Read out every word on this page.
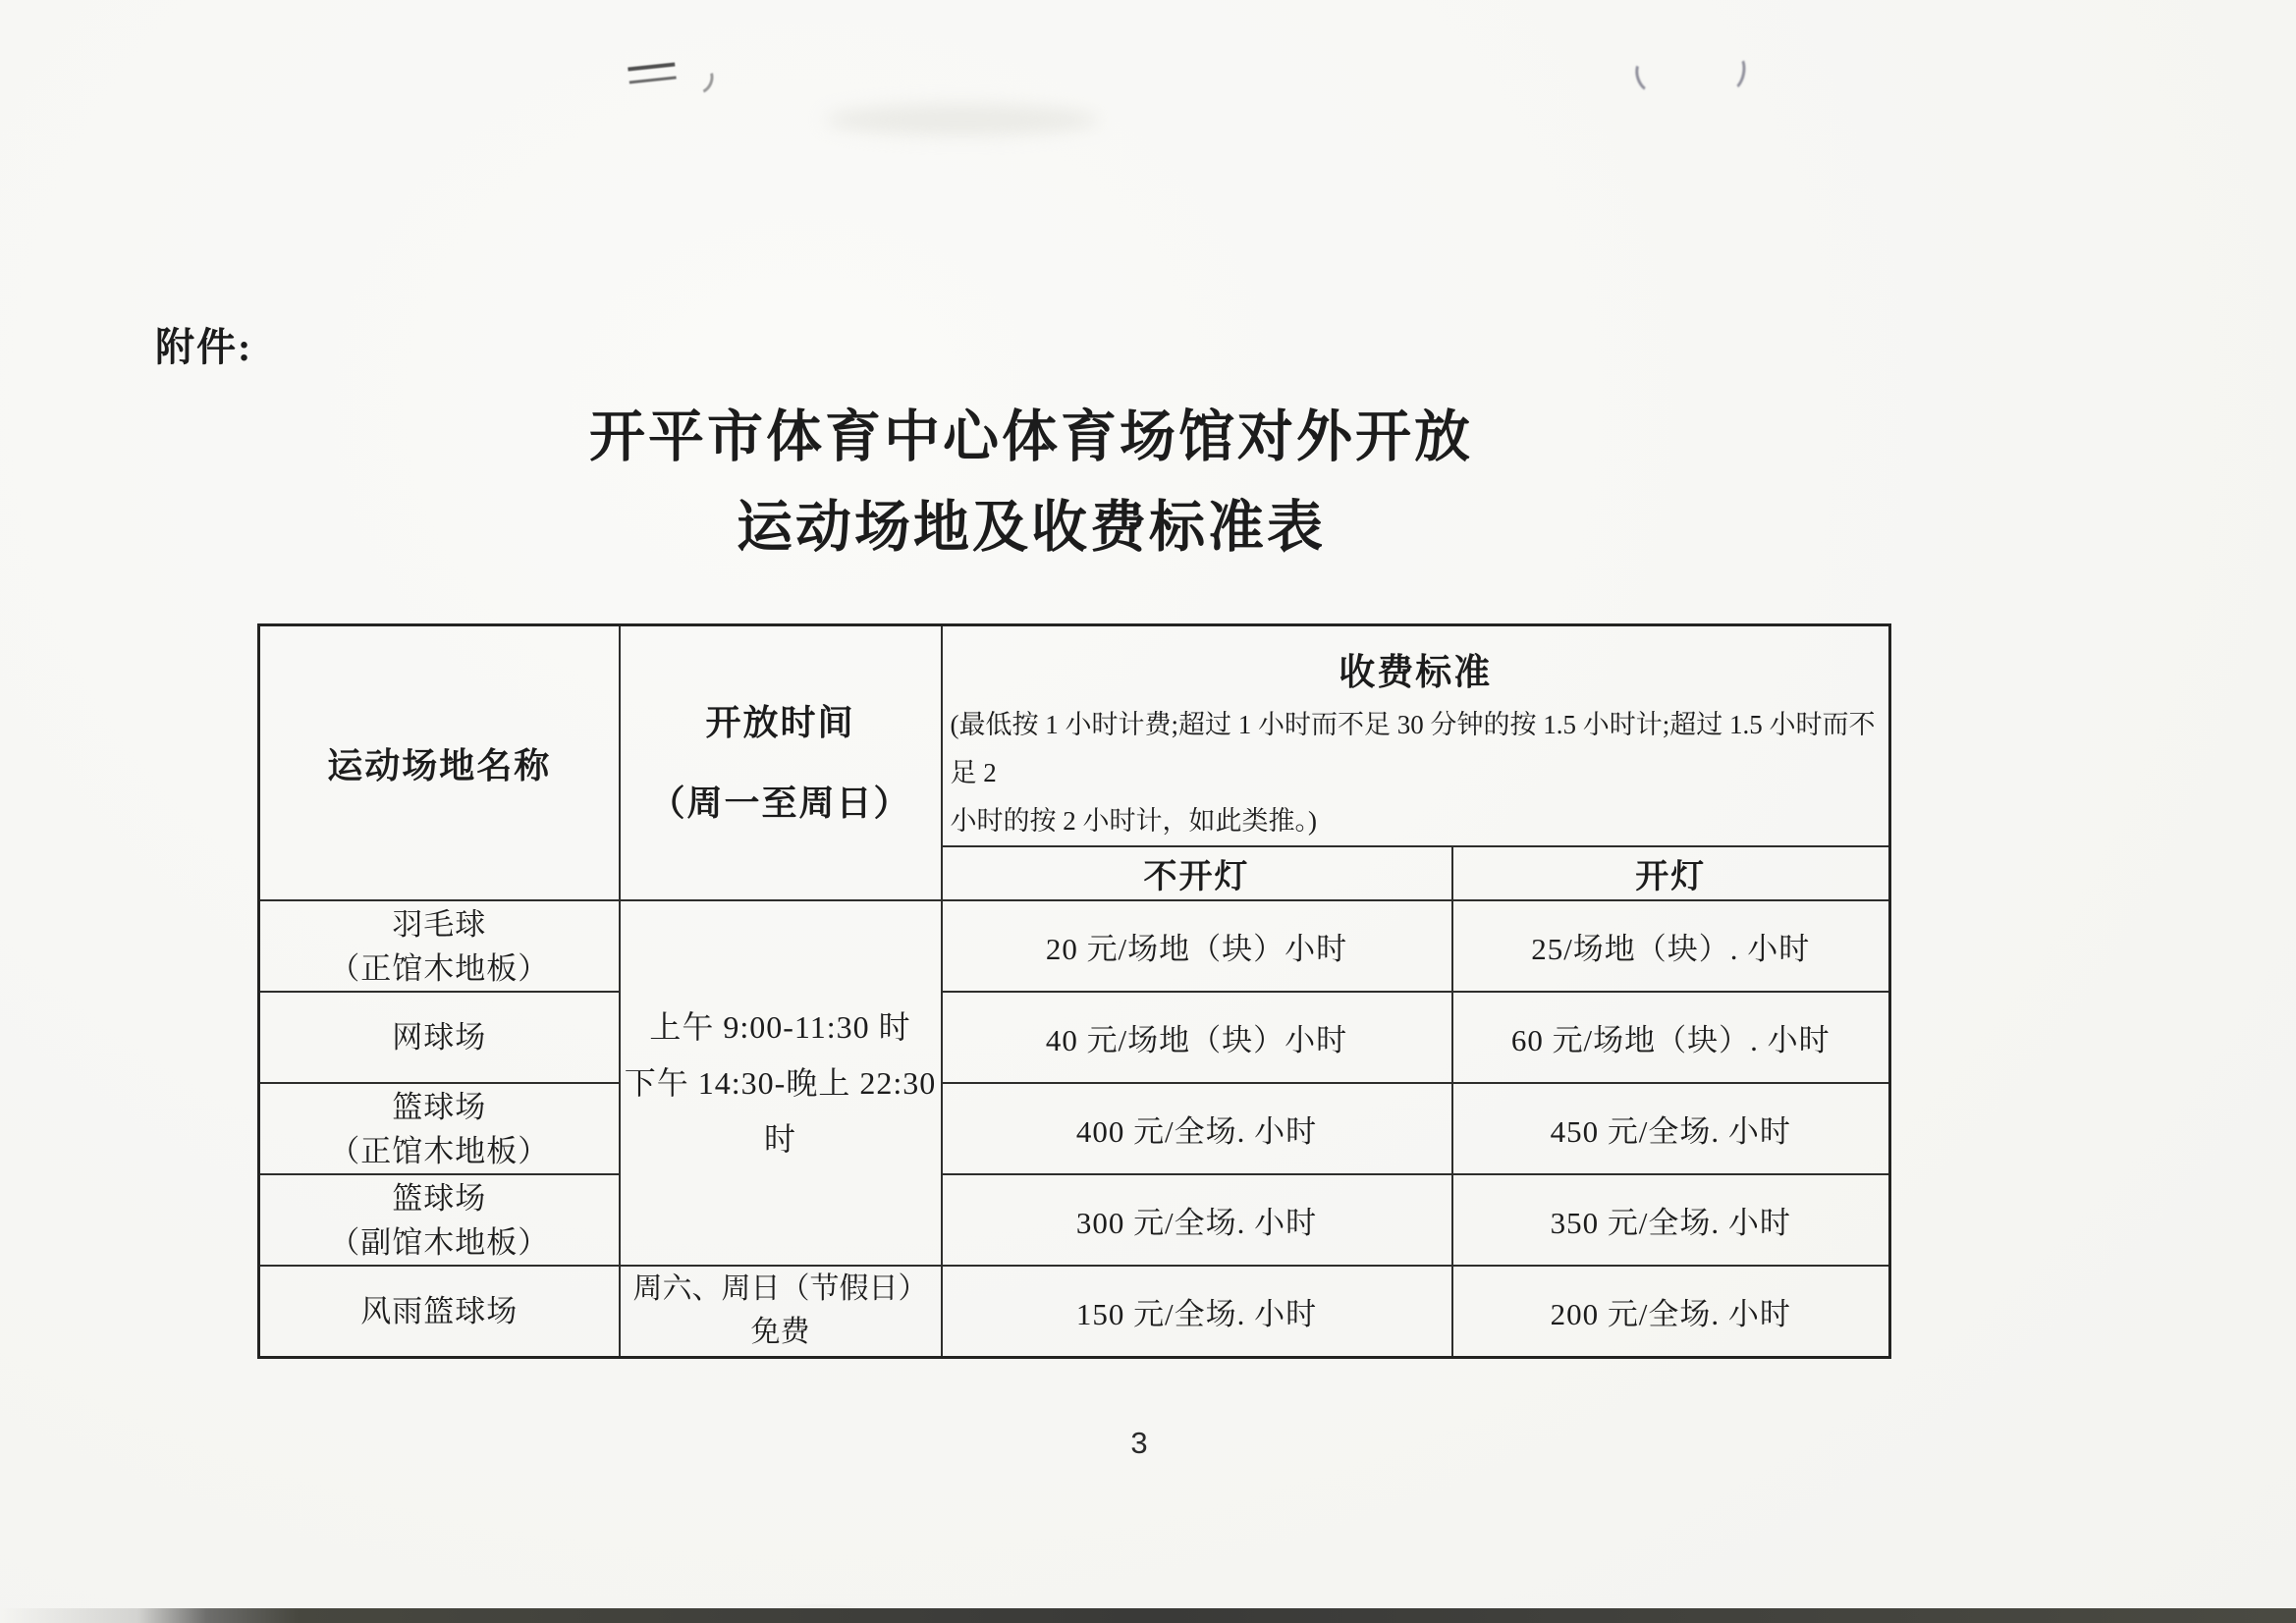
附件:
开平市体育中心体育场馆对外开放
运动场地及收费标准表
运动场地名称	
开放时间
（周一至周日）

收费标准
(最低按 1 小时计费;超过 1 小时而不足 30 分钟的按 1.5 小时计;超过 1.5 小时而不足 2
小时的按 2 小时计，如此类推。)

		不开灯	开灯

羽毛球
（正馆木地板）

上午 9:00-11:30 时
下午 14:30-晚上 22:30 时
	20 元/场地（块）小时	25/场地（块）. 小时

网球场		40 元/场地（块）小时	60 元/场地（块）. 小时

篮球场
（正馆木地板）		400 元/全场. 小时	450 元/全场. 小时

篮球场
（副馆木地板）		300 元/全场. 小时	350 元/全场. 小时

风雨篮球场	周六、周日（节假日）
免费	150 元/全场. 小时	200 元/全场. 小时
3
